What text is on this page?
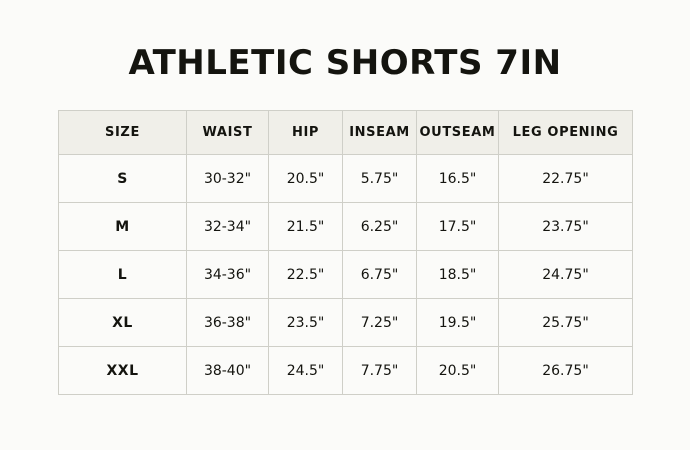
ATHLETIC SHORTS 7IN
SIZE	WAIST	HIP	INSEAM	OUTSEAM	LEG OPENING
S	30-32"	20.5"	5.75"	16.5"	22.75"
M	32-34"	21.5"	6.25"	17.5"	23.75"
L	34-36"	22.5"	6.75"	18.5"	24.75"
XL	36-38"	23.5"	7.25"	19.5"	25.75"
XXL	38-40"	24.5"	7.75"	20.5"	26.75"
